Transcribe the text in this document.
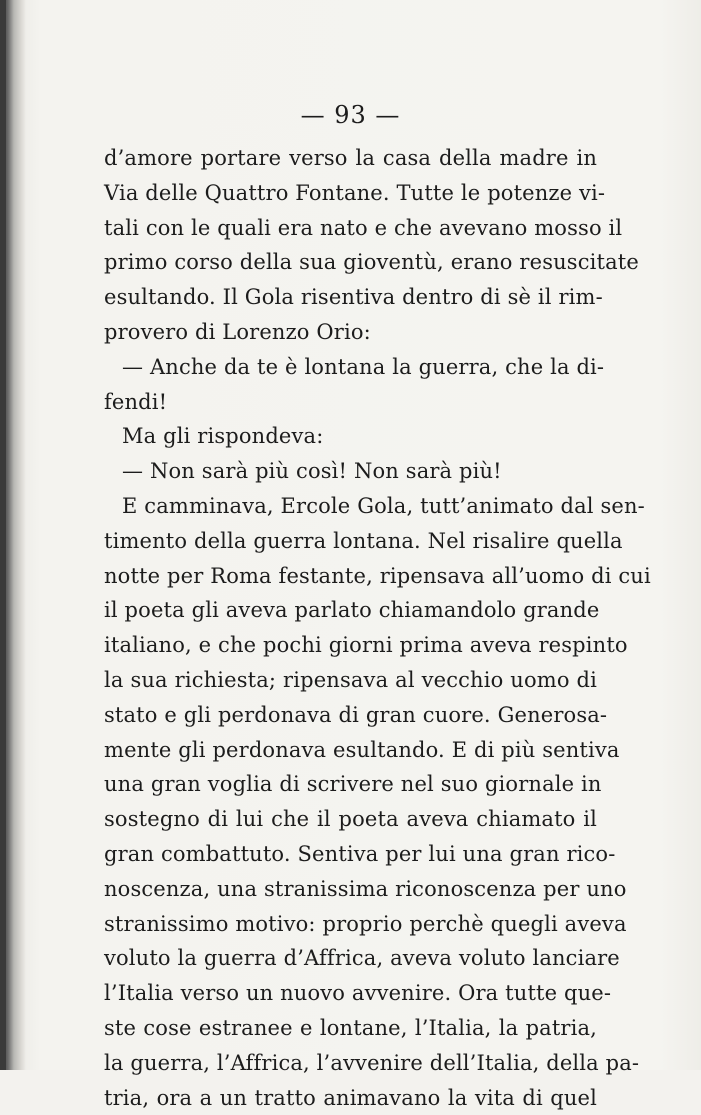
— 93 —
d’amore portare verso la casa della madre in
Via delle Quattro Fontane. Tutte le potenze vi-
tali con le quali era nato e che avevano mosso il
primo corso della sua gioventù, erano resuscitate
esultando. Il Gola risentiva dentro di sè il rim-
provero di Lorenzo Orio:
— Anche da te è lontana la guerra, che la di-
fendi!
Ma gli rispondeva:
— Non sarà più così! Non sarà più!
E camminava, Ercole Gola, tutt’animato dal sen-
timento della guerra lontana. Nel risalire quella
notte per Roma festante, ripensava all’uomo di cui
il poeta gli aveva parlato chiamandolo grande
italiano, e che pochi giorni prima aveva respinto
la sua richiesta; ripensava al vecchio uomo di
stato e gli perdonava di gran cuore. Generosa-
mente gli perdonava esultando. E di più sentiva
una gran voglia di scrivere nel suo giornale in
sostegno di lui che il poeta aveva chiamato il
gran combattuto. Sentiva per lui una gran rico-
noscenza, una stranissima riconoscenza per uno
stranissimo motivo: proprio perchè quegli aveva
voluto la guerra d’Affrica, aveva voluto lanciare
l’Italia verso un nuovo avvenire. Ora tutte que-
ste cose estranee e lontane, l’Italia, la patria,
la guerra, l’Affrica, l’avvenire dell’Italia, della pa-
tria, ora a un tratto animavano la vita di quel
